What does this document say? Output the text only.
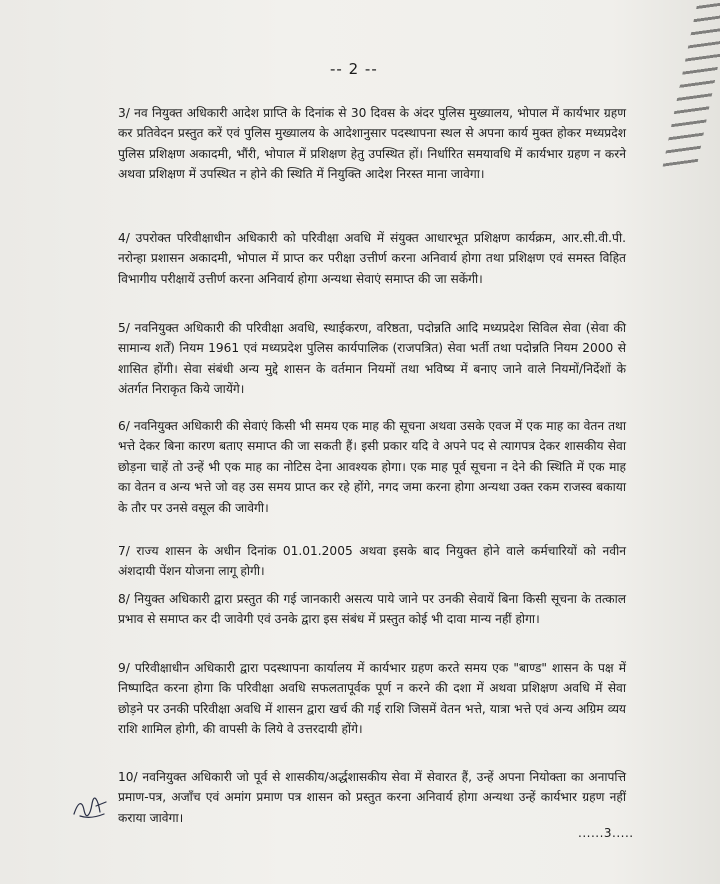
-- 2 --

3/ नव नियुक्त अधिकारी आदेश प्राप्ति के दिनांक से 30 दिवस के अंदर पुलिस मुख्यालय, भोपाल में कार्यभार ग्रहण कर प्रतिवेदन प्रस्तुत करें एवं पुलिस मुख्यालय के आदेशानुसार पदस्थापना स्थल से अपना कार्य मुक्त होकर मध्यप्रदेश पुलिस प्रशिक्षण अकादमी, भौंरी, भोपाल में प्रशिक्षण हेतु उपस्थित हों। निर्धारित समयावधि में कार्यभार ग्रहण न करने अथवा प्रशिक्षण में उपस्थित न होने की स्थिति में नियुक्ति आदेश निरस्त माना जावेगा।

4/ उपरोक्त परिवीक्षाधीन अधिकारी को परिवीक्षा अवधि में संयुक्त आधारभूत प्रशिक्षण कार्यक्रम, आर.सी.वी.पी. नरोन्हा प्रशासन अकादमी, भोपाल में प्राप्त कर परीक्षा उत्तीर्ण करना अनिवार्य होगा तथा प्रशिक्षण एवं समस्त विहित विभागीय परीक्षायें उत्तीर्ण करना अनिवार्य होगा अन्यथा सेवाएं समाप्त की जा सकेंगी।

5/ नवनियुक्त अधिकारी की परिवीक्षा अवधि, स्थाईकरण, वरिष्ठता, पदोन्नति आदि मध्यप्रदेश सिविल सेवा (सेवा की सामान्य शर्तें) नियम 1961 एवं मध्यप्रदेश पुलिस कार्यपालिक (राजपत्रित) सेवा भर्ती तथा पदोन्नति नियम 2000 से शासित होंगी। सेवा संबंधी अन्य मुद्दे शासन के वर्तमान नियमों तथा भविष्य में बनाए जाने वाले नियमों/निर्देशों के अंतर्गत निराकृत किये जायेंगे।

6/ नवनियुक्त अधिकारी की सेवाएं किसी भी समय एक माह की सूचना अथवा उसके एवज में एक माह का वेतन तथा भत्ते देकर बिना कारण बताए समाप्त की जा सकती हैं। इसी प्रकार यदि वे अपने पद से त्यागपत्र देकर शासकीय सेवा छोड़ना चाहें तो उन्हें भी एक माह का नोटिस देना आवश्यक होगा। एक माह पूर्व सूचना न देने की स्थिति में एक माह का वेतन व अन्य भत्ते जो वह उस समय प्राप्त कर रहे होंगे, नगद जमा करना होगा अन्यथा उक्त रकम राजस्व बकाया के तौर पर उनसे वसूल की जावेगी।

7/ राज्य शासन के अधीन दिनांक 01.01.2005 अथवा इसके बाद नियुक्त होने वाले कर्मचारियों को नवीन अंशदायी पेंशन योजना लागू होगी।

8/ नियुक्त अधिकारी द्वारा प्रस्तुत की गई जानकारी असत्य पाये जाने पर उनकी सेवायें बिना किसी सूचना के तत्काल प्रभाव से समाप्त कर दी जावेगी एवं उनके द्वारा इस संबंध में प्रस्तुत कोई भी दावा मान्य नहीं होगा।

9/ परिवीक्षाधीन अधिकारी द्वारा पदस्थापना कार्यालय में कार्यभार ग्रहण करते समय एक "बाण्ड" शासन के पक्ष में निष्पादित करना होगा कि परिवीक्षा अवधि सफलतापूर्वक पूर्ण न करने की दशा में अथवा प्रशिक्षण अवधि में सेवा छोड़ने पर उनकी परिवीक्षा अवधि में शासन द्वारा खर्च की गई राशि जिसमें वेतन भत्ते, यात्रा भत्ते एवं अन्य अग्रिम व्यय राशि शामिल होगी, की वापसी के लिये वे उत्तरदायी होंगे।

10/ नवनियुक्त अधिकारी जो पूर्व से शासकीय/अर्द्धशासकीय सेवा में सेवारत हैं, उन्हें अपना नियोक्ता का अनापत्ति प्रमाण-पत्र, अजाँच एवं अमांग प्रमाण पत्र शासन को प्रस्तुत करना अनिवार्य होगा अन्यथा उन्हें कार्यभार ग्रहण नहीं कराया जावेगा।

......3.....
